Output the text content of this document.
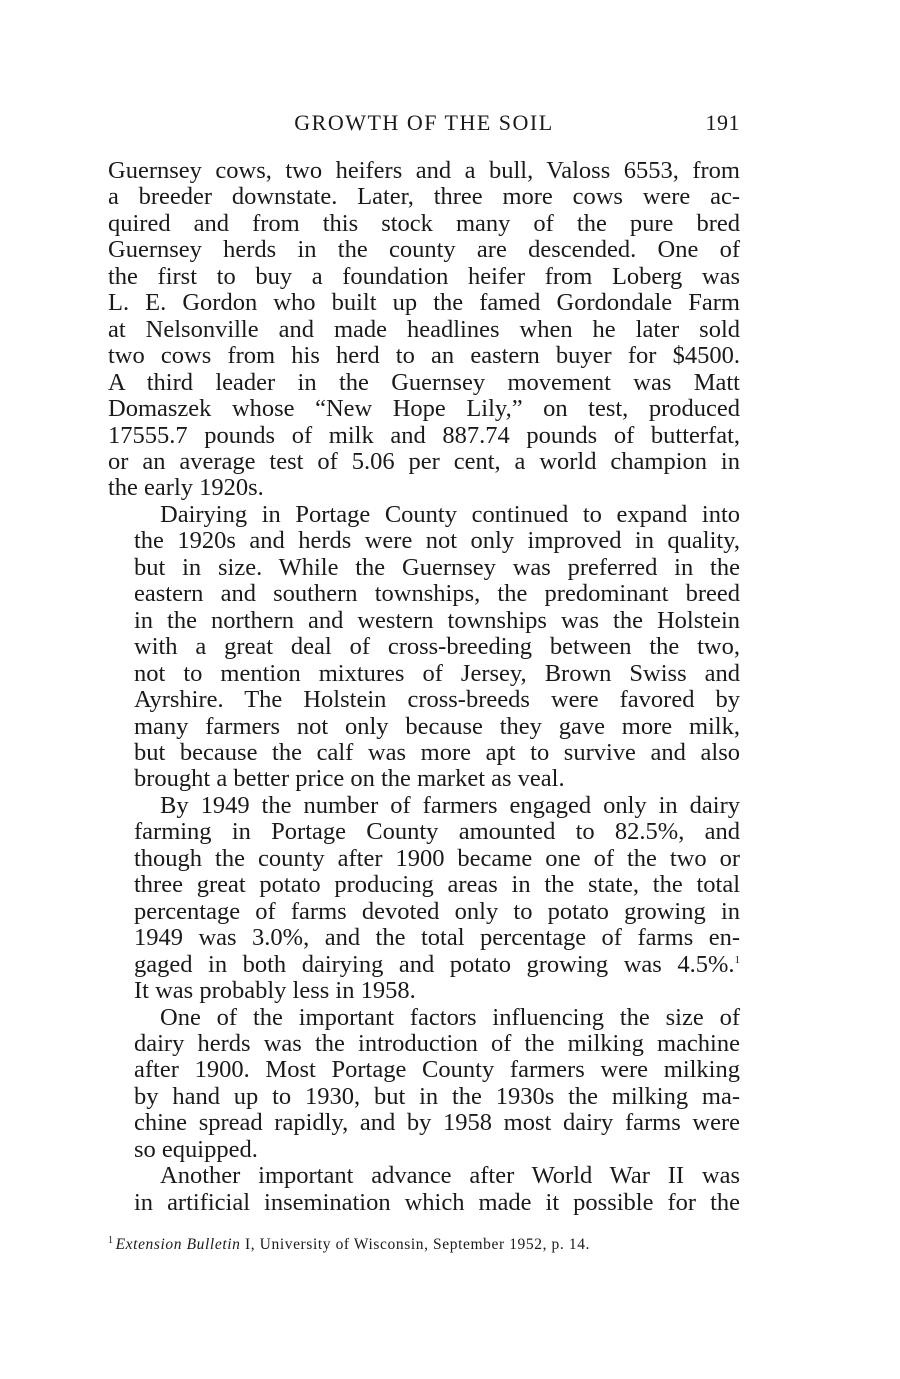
GROWTH OF THE SOIL	191
Guernsey cows, two heifers and a bull, Valoss 6553, from
a breeder downstate. Later, three more cows were ac-
quired and from this stock many of the pure bred
Guernsey herds in the county are descended. One of
the first to buy a foundation heifer from Loberg was
L. E. Gordon who built up the famed Gordondale Farm
at Nelsonville and made headlines when he later sold
two cows from his herd to an eastern buyer for $4500.
A third leader in the Guernsey movement was Matt
Domaszek whose “New Hope Lily,” on test, produced
17555.7 pounds of milk and 887.74 pounds of butterfat,
or an average test of 5.06 per cent, a world champion in
the early 1920s.
Dairying in Portage County continued to expand into
the 1920s and herds were not only improved in quality,
but in size. While the Guernsey was preferred in the
eastern and southern townships, the predominant breed
in the northern and western townships was the Holstein
with a great deal of cross-breeding between the two,
not to mention mixtures of Jersey, Brown Swiss and
Ayrshire. The Holstein cross-breeds were favored by
many farmers not only because they gave more milk,
but because the calf was more apt to survive and also
brought a better price on the market as veal.
By 1949 the number of farmers engaged only in dairy
farming in Portage County amounted to 82.5%, and
though the county after 1900 became one of the two or
three great potato producing areas in the state, the total
percentage of farms devoted only to potato growing in
1949 was 3.0%, and the total percentage of farms en-
gaged in both dairying and potato growing was 4.5%.$^1$
It was probably less in 1958.
One of the important factors influencing the size of
dairy herds was the introduction of the milking machine
after 1900. Most Portage County farmers were milking
by hand up to 1930, but in the 1930s the milking ma-
chine spread rapidly, and by 1958 most dairy farms were
so equipped.
Another important advance after World War II was
in artificial insemination which made it possible for the
$^1$ Extension Bulletin I, University of Wisconsin, September 1952, p. 14.
